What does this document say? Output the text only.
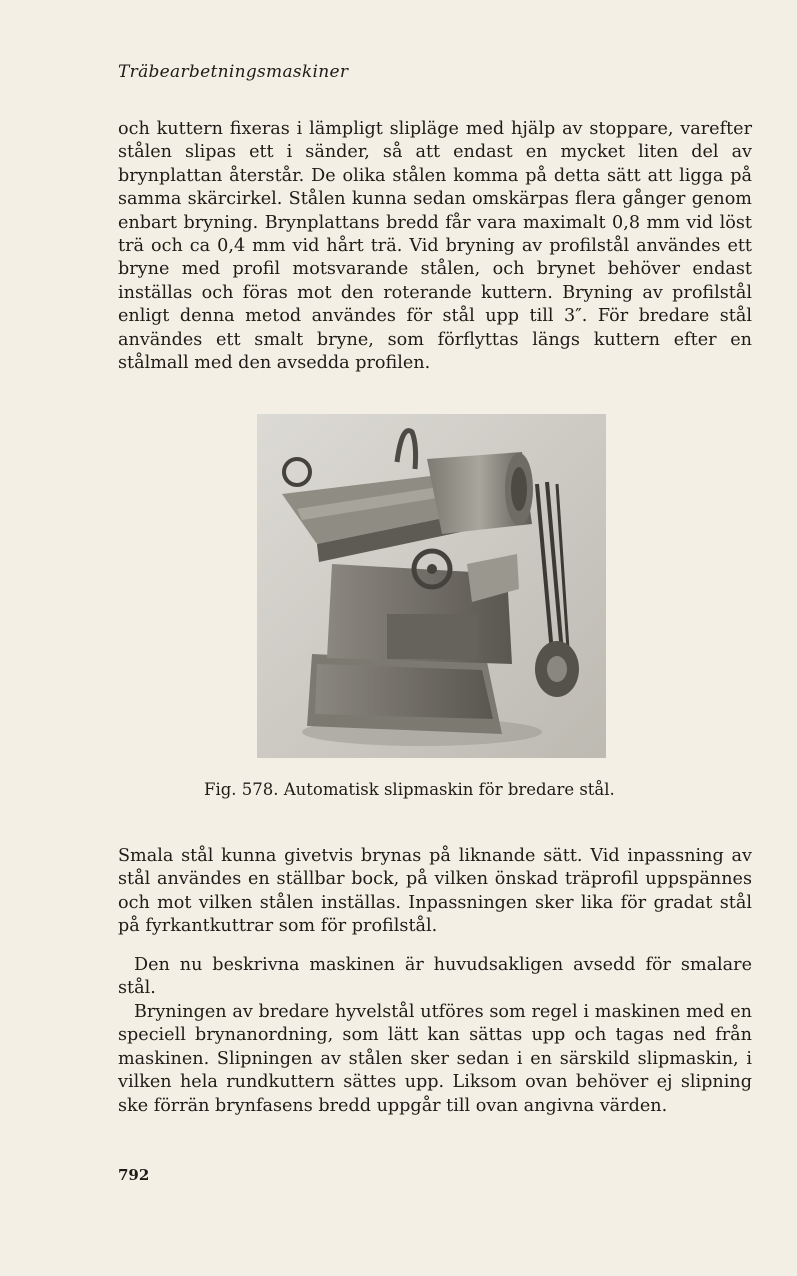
Träbearbetningsmaskiner

och kuttern fixeras i lämpligt slipläge med hjälp av stoppare, varefter stålen slipas ett i sänder, så att endast en mycket liten del av brynplattan återstår. De olika stålen komma på detta sätt att ligga på samma skärcirkel. Stålen kunna sedan omskärpas flera gånger genom enbart bryning. Brynplattans bredd får vara maximalt 0,8 mm vid löst trä och ca 0,4 mm vid hårt trä. Vid bryning av profilstål användes ett bryne med profil motsvarande stålen, och brynet behöver endast inställas och föras mot den roterande kuttern. Bryning av profilstål enligt denna metod användes för stål upp till 3″. För bredare stål användes ett smalt bryne, som förflyttas längs kuttern efter en stålmall med den avsedda profilen.

Fig. 578. Automatisk slipmaskin för bredare stål.

Smala stål kunna givetvis brynas på liknande sätt. Vid inpassning av stål användes en ställbar bock, på vilken önskad träprofil uppspännes och mot vilken stålen inställas. Inpassningen sker lika för gradat stål på fyrkantkuttrar som för profilstål.

Den nu beskrivna maskinen är huvudsakligen avsedd för smalare stål.

Bryningen av bredare hyvelstål utföres som regel i maskinen med en speciell brynanordning, som lätt kan sättas upp och tagas ned från maskinen. Slipningen av stålen sker sedan i en särskild slipmaskin, i vilken hela rundkuttern sättes upp. Liksom ovan behöver ej slipning ske förrän brynfasens bredd uppgår till ovan angivna värden.

792
